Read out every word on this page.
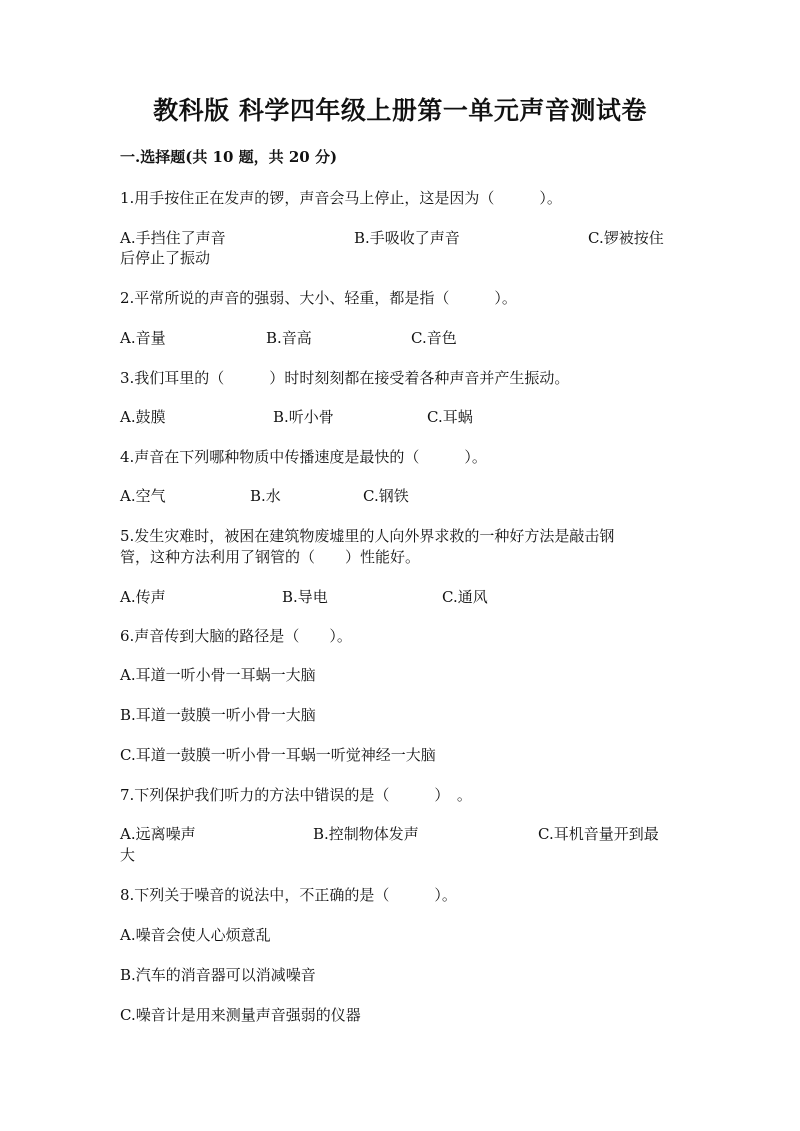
教科版 科学四年级上册第一单元声音测试卷
一.选择题(共 10 题，共 20 分)

1.用手按住正在发声的锣，声音会马上停止，这是因为（　　　）。

A.手挡住了声音	B.手吸收了声音	C.锣被按住
后停止了振动

2.平常所说的声音的强弱、大小、轻重，都是指（　　　）。

A.音量	B.音高	C.音色

3.我们耳里的（　　　）时时刻刻都在接受着各种声音并产生振动。

A.鼓膜	B.听小骨	C.耳蜗

4.声音在下列哪种物质中传播速度是最快的（　　　）。

A.空气	B.水	C.钢铁

5.发生灾难时，被困在建筑物废墟里的人向外界求救的一种好方法是敲击钢

管，这种方法利用了钢管的（　　）性能好。

A.传声	B.导电	C.通风

6.声音传到大脑的路径是（　　）。

A.耳道一听小骨一耳蜗一大脑

B.耳道一鼓膜一听小骨一大脑

C.耳道一鼓膜一听小骨一耳蜗一听觉神经一大脑

7.下列保护我们听力的方法中错误的是（　　　）　。

A.远离噪声	B.控制物体发声	C.耳机音量开到最
大

8.下列关于噪音的说法中，不正确的是（　　　）。

A.噪音会使人心烦意乱

B.汽车的消音器可以消减噪音

C.噪音计是用来测量声音强弱的仪器
